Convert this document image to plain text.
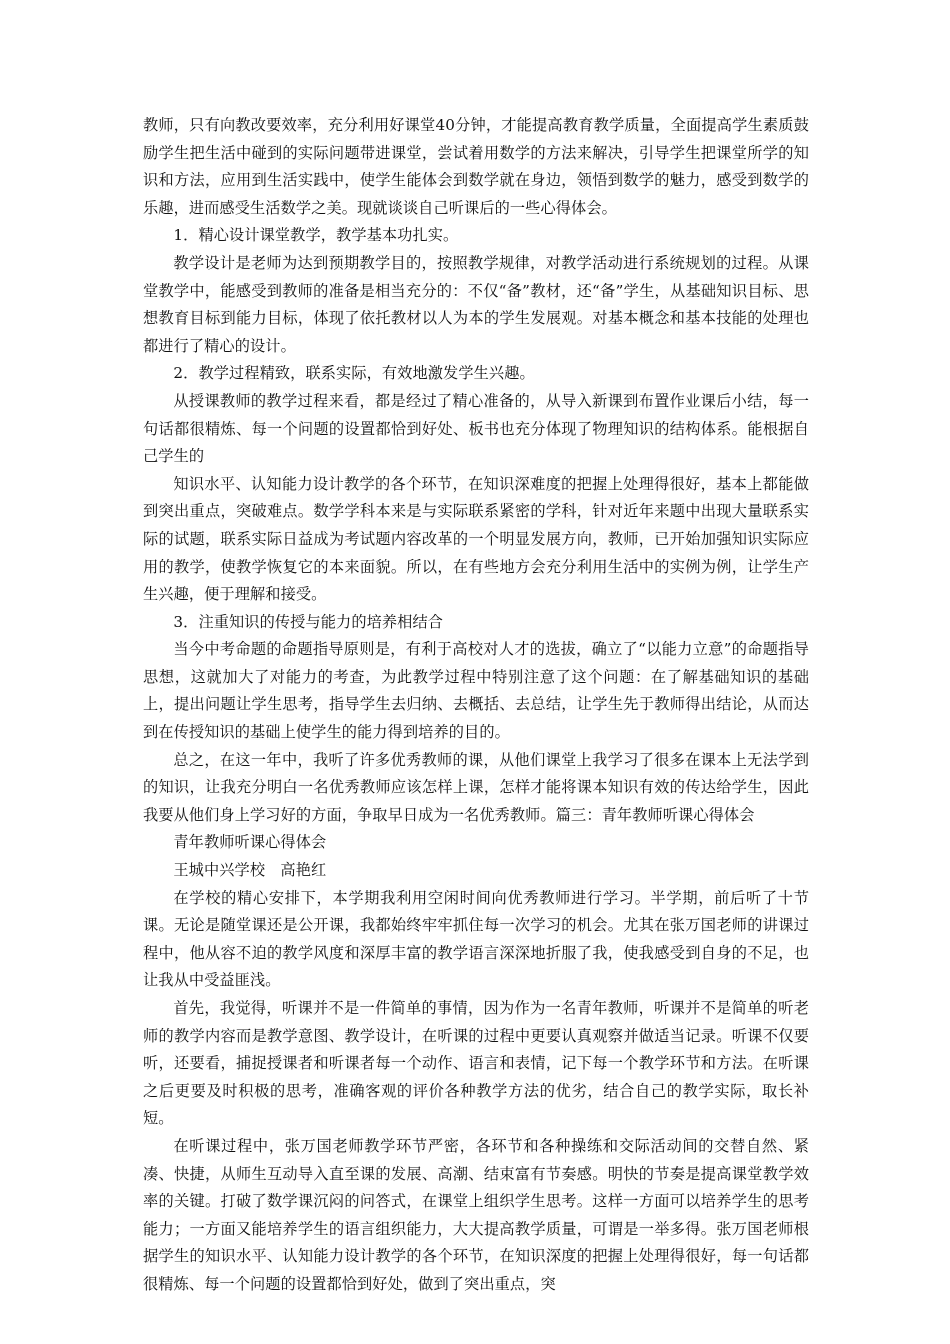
教师，只有向教改要效率，充分利用好课堂40分钟，才能提高教育教学质量，全面提高学生素质鼓励学生把生活中碰到的实际问题带进课堂，尝试着用数学的方法来解决，引导学生把课堂所学的知识和方法，应用到生活实践中，使学生能体会到数学就在身边，领悟到数学的魅力，感受到数学的乐趣，进而感受生活数学之美。现就谈谈自己听课后的一些心得体会。

1．精心设计课堂教学，教学基本功扎实。

教学设计是老师为达到预期教学目的，按照教学规律，对教学活动进行系统规划的过程。从课堂教学中，能感受到教师的准备是相当充分的：不仅“备”教材，还“备”学生，从基础知识目标、思想教育目标到能力目标，体现了依托教材以人为本的学生发展观。对基本概念和基本技能的处理也都进行了精心的设计。

2．教学过程精致，联系实际，有效地激发学生兴趣。

从授课教师的教学过程来看，都是经过了精心准备的，从导入新课到布置作业课后小结，每一句话都很精炼、每一个问题的设置都恰到好处、板书也充分体现了物理知识的结构体系。能根据自己学生的

知识水平、认知能力设计教学的各个环节，在知识深难度的把握上处理得很好，基本上都能做到突出重点，突破难点。数学学科本来是与实际联系紧密的学科，针对近年来题中出现大量联系实际的试题，联系实际日益成为考试题内容改革的一个明显发展方向，教师，已开始加强知识实际应用的教学，使教学恢复它的本来面貌。所以，在有些地方会充分利用生活中的实例为例，让学生产生兴趣，便于理解和接受。

3．注重知识的传授与能力的培养相结合

当今中考命题的命题指导原则是，有利于高校对人才的选拔，确立了“以能力立意”的命题指导思想，这就加大了对能力的考查，为此教学过程中特别注意了这个问题：在了解基础知识的基础上，提出问题让学生思考，指导学生去归纳、去概括、去总结，让学生先于教师得出结论，从而达到在传授知识的基础上使学生的能力得到培养的目的。

总之，在这一年中，我听了许多优秀教师的课，从他们课堂上我学习了很多在课本上无法学到的知识，让我充分明白一名优秀教师应该怎样上课，怎样才能将课本知识有效的传达给学生，因此我要从他们身上学习好的方面，争取早日成为一名优秀教师。篇三：青年教师听课心得体会

青年教师听课心得体会

王城中兴学校　高艳红

在学校的精心安排下，本学期我利用空闲时间向优秀教师进行学习。半学期，前后听了十节课。无论是随堂课还是公开课，我都始终牢牢抓住每一次学习的机会。尤其在张万国老师的讲课过程中，他从容不迫的教学风度和深厚丰富的教学语言深深地折服了我，使我感受到自身的不足，也让我从中受益匪浅。

首先，我觉得，听课并不是一件简单的事情，因为作为一名青年教师，听课并不是简单的听老师的教学内容而是教学意图、教学设计，在听课的过程中更要认真观察并做适当记录。听课不仅要听，还要看，捕捉授课者和听课者每一个动作、语言和表情，记下每一个教学环节和方法。在听课之后更要及时积极的思考，准确客观的评价各种教学方法的优劣，结合自己的教学实际，取长补短。

在听课过程中，张万国老师教学环节严密，各环节和各种操练和交际活动间的交替自然、紧凑、快捷，从师生互动导入直至课的发展、高潮、结束富有节奏感。明快的节奏是提高课堂教学效率的关键。打破了数学课沉闷的问答式，在课堂上组织学生思考。这样一方面可以培养学生的思考能力；一方面又能培养学生的语言组织能力，大大提高教学质量，可谓是一举多得。张万国老师根据学生的知识水平、认知能力设计教学的各个环节，在知识深度的把握上处理得很好，每一句话都很精炼、每一个问题的设置都恰到好处，做到了突出重点，突
